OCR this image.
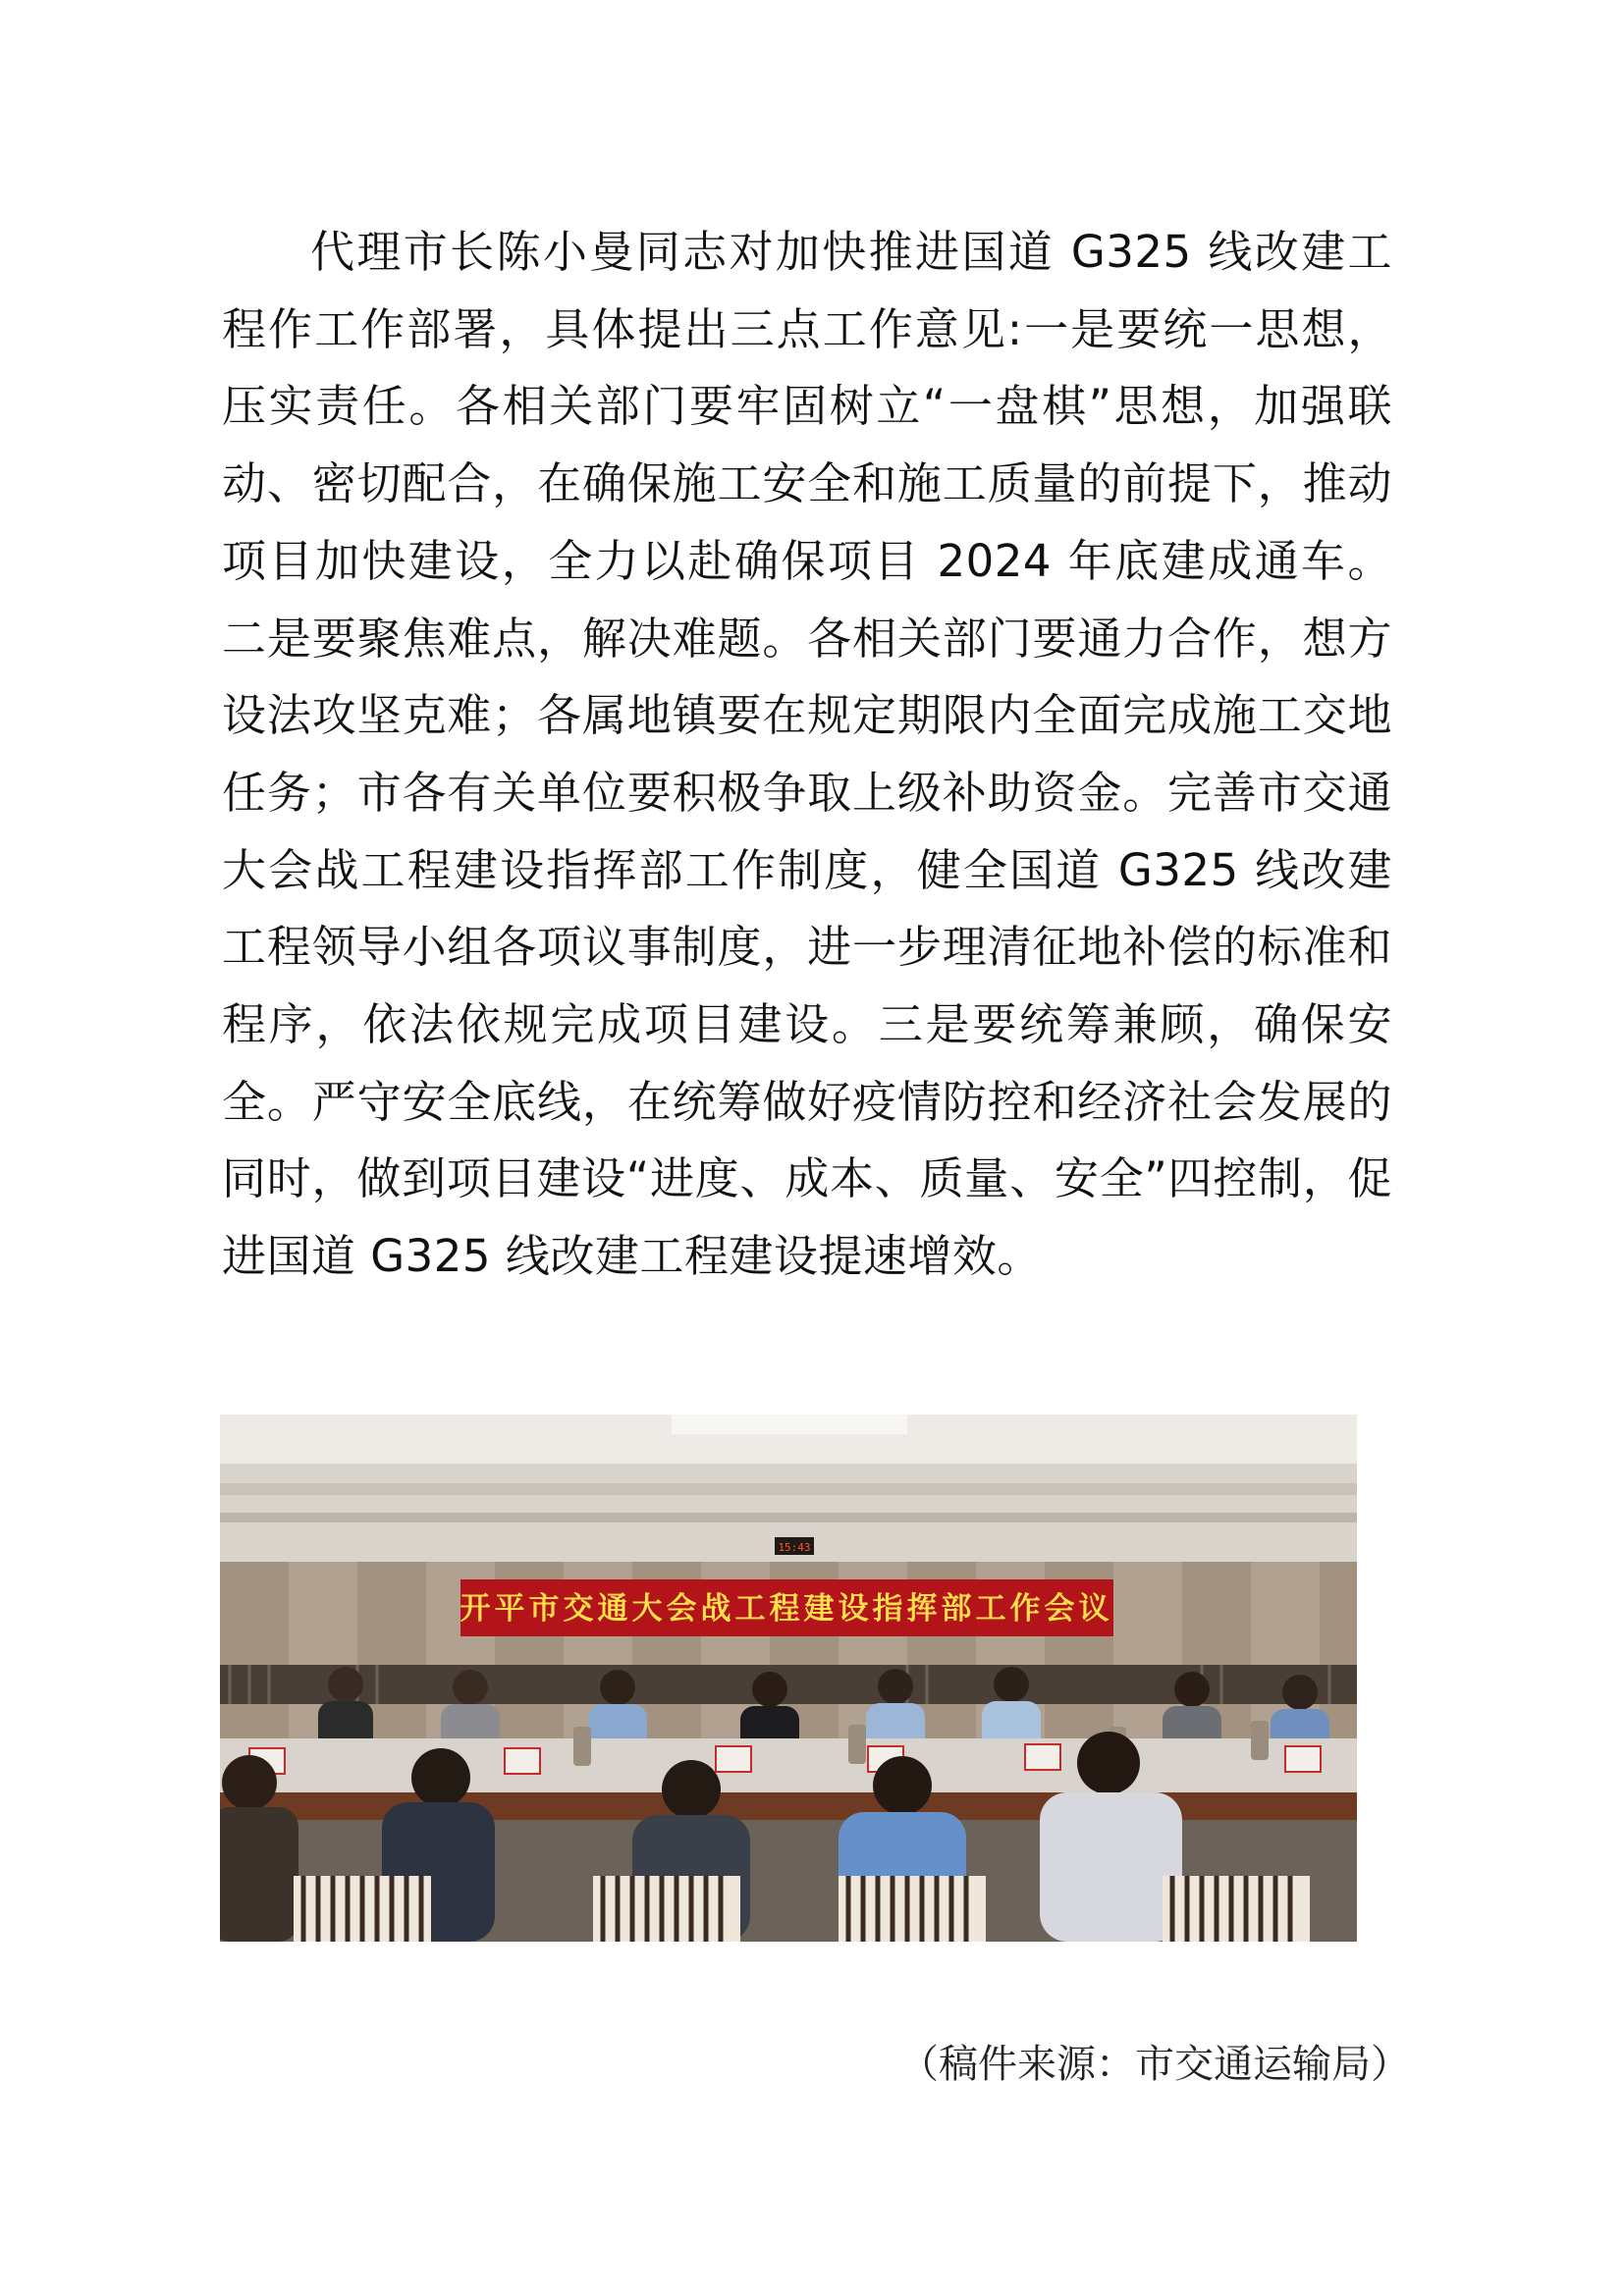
代理市长陈小曼同志对加快推进国道 G325 线改建工程作工作部署，具体提出三点工作意见:一是要统一思想，压实责任。各相关部门要牢固树立“一盘棋”思想，加强联动、密切配合，在确保施工安全和施工质量的前提下，推动项目加快建设，全力以赴确保项目 2024 年底建成通车。二是要聚焦难点，解决难题。各相关部门要通力合作，想方设法攻坚克难；各属地镇要在规定期限内全面完成施工交地任务；市各有关单位要积极争取上级补助资金。完善市交通大会战工程建设指挥部工作制度，健全国道 G325 线改建工程领导小组各项议事制度，进一步理清征地补偿的标准和程序，依法依规完成项目建设。三是要统筹兼顾，确保安全。严守安全底线，在统筹做好疫情防控和经济社会发展的同时，做到项目建设“进度、成本、质量、安全”四控制，促进国道 G325 线改建工程建设提速增效。

15:43
开平市交通大会战工程建设指挥部工作会议
（稿件来源：市交通运输局）
